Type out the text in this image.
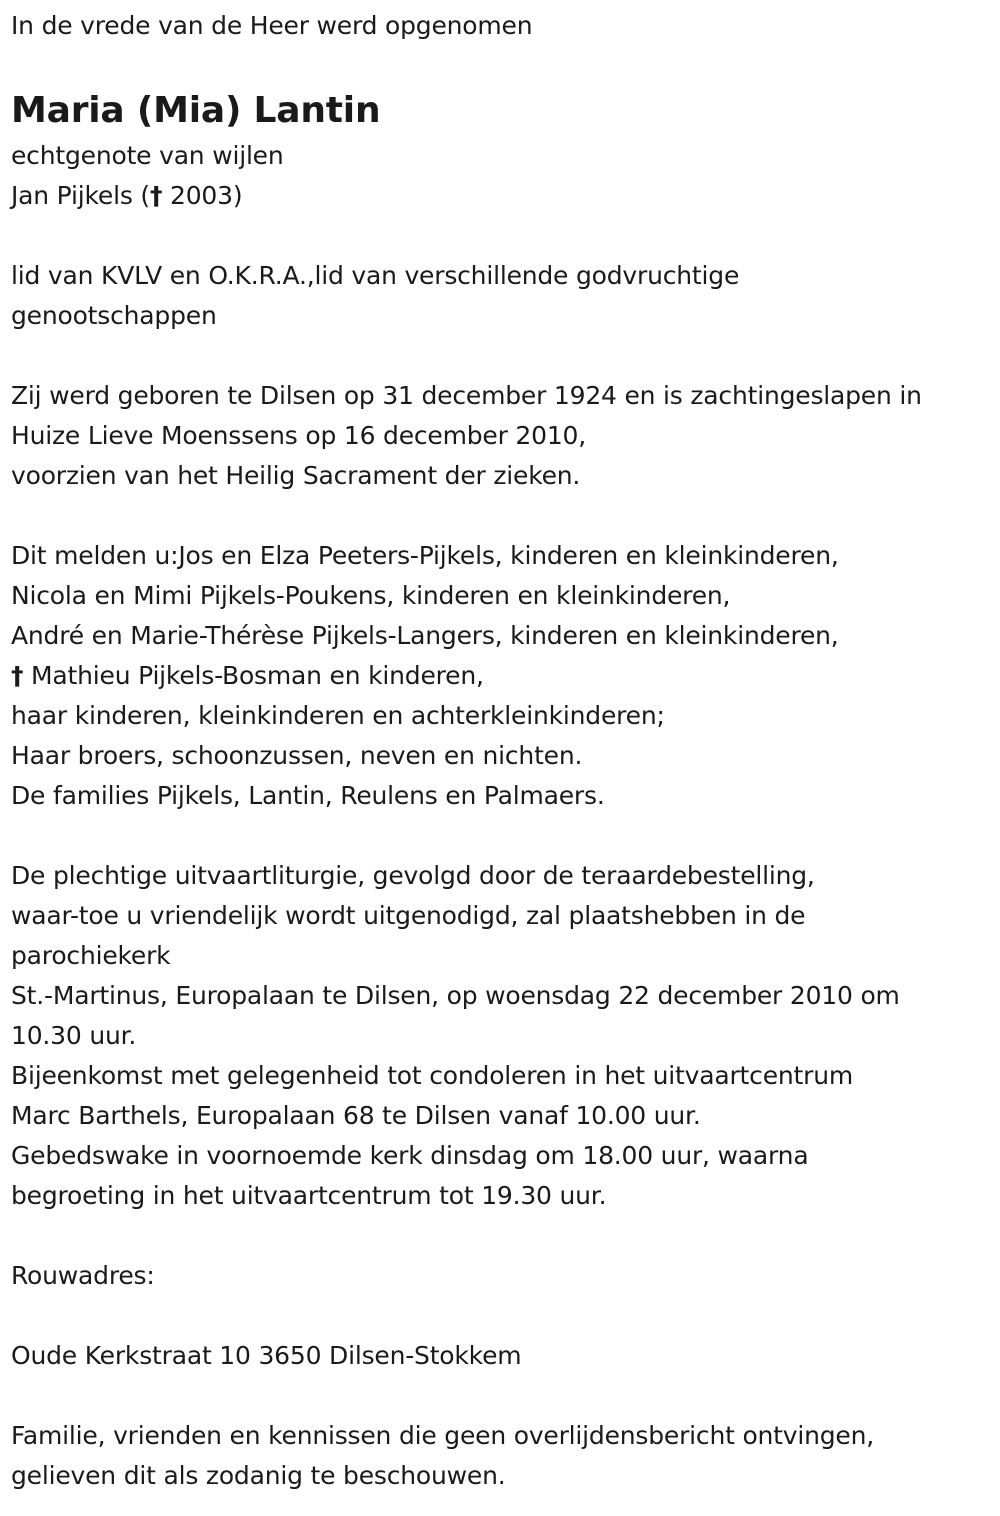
In de vrede van de Heer werd opgenomen
Maria (Mia) Lantin
echtgenote van wijlen
Jan Pijkels († 2003)
lid van KVLV en O.K.R.A.,lid van verschillende godvruchtige
genootschappen
Zij werd geboren te Dilsen op 31 december 1924 en is zachtingeslapen in
Huize Lieve Moenssens op 16 december 2010,
voorzien van het Heilig Sacrament der zieken.
Dit melden u:Jos en Elza Peeters-Pijkels, kinderen en kleinkinderen,
Nicola en Mimi Pijkels-Poukens, kinderen en kleinkinderen,
André en Marie-Thérèse Pijkels-Langers, kinderen en kleinkinderen,
† Mathieu Pijkels-Bosman en kinderen,
haar kinderen, kleinkinderen en achterkleinkinderen;
Haar broers, schoonzussen, neven en nichten.
De families Pijkels, Lantin, Reulens en Palmaers.
De plechtige uitvaartliturgie, gevolgd door de teraardebestelling,
waar-toe u vriendelijk wordt uitgenodigd, zal plaatshebben in de
parochiekerk
St.-Martinus, Europalaan te Dilsen, op woensdag 22 december 2010 om
10.30 uur.
Bijeenkomst met gelegenheid tot condoleren in het uitvaartcentrum
Marc Barthels, Europalaan 68 te Dilsen vanaf 10.00 uur.
Gebedswake in voornoemde kerk dinsdag om 18.00 uur, waarna
begroeting in het uitvaartcentrum tot 19.30 uur.
Rouwadres:
Oude Kerkstraat 10 3650 Dilsen-Stokkem
Familie, vrienden en kennissen die geen overlijdensbericht ontvingen,
gelieven dit als zodanig te beschouwen.
